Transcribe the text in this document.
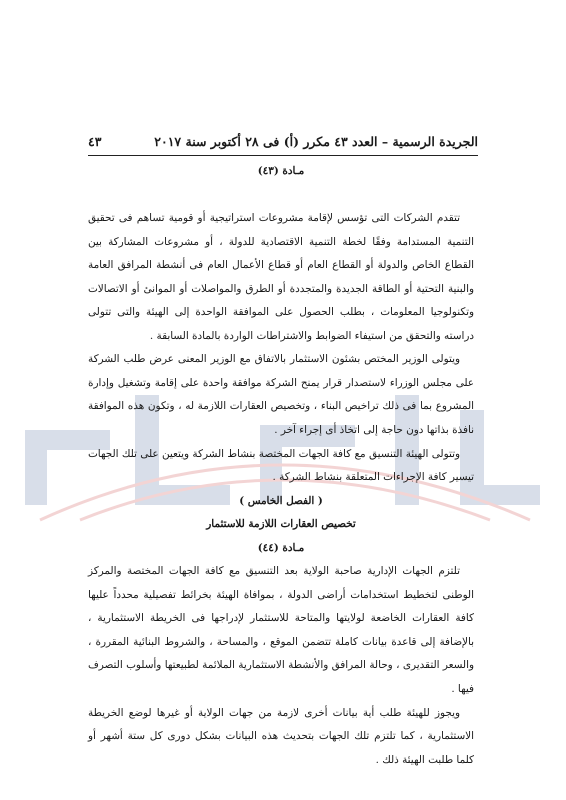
الجريدة الرسمية – العدد ٤٣ مكرر (أ) فى ٢٨ أكتوبر سنة ٢٠١٧
٤٣
مـادة (٤٣)
تتقدم الشركات التى تؤسس لإقامة مشروعات استراتيجية أو قومية تساهم فى تحقيق التنمية المستدامة وفقًا لخطة التنمية الاقتصادية للدولة ، أو مشروعات المشاركة بين القطاع الخاص والدولة أو القطاع العام أو قطاع الأعمال العام فى أنشطة المرافق العامة والبنية التحتية أو الطاقة الجديدة والمتجددة أو الطرق والمواصلات أو الموانئ أو الاتصالات وتكنولوجيا المعلومات ، بطلب الحصول على الموافقة الواحدة إلى الهيئة والتى تتولى دراسته والتحقق من استيفاء الضوابط والاشتراطات الواردة بالمادة السابقة .
ويتولى الوزير المختص بشئون الاستثمار بالاتفاق مع الوزير المعنى عرض طلب الشركة على مجلس الوزراء لاستصدار قرار يمنح الشركة موافقة واحدة على إقامة وتشغيل وإدارة المشروع بما فى ذلك تراخيص البناء ، وتخصيص العقارات اللازمة له ، وتكون هذه الموافقة نافذة بذاتها دون حاجة إلى اتخاذ أى إجراء آخر .
وتتولى الهيئة التنسيق مع كافة الجهات المختصة بنشاط الشركة ويتعين على تلك الجهات تيسير كافة الإجراءات المتعلقة بنشاط الشركة .
( الفصل الخامس )
تخصيص العقارات اللازمة للاستثمار
مـادة (٤٤)
تلتزم الجهات الإدارية صاحبة الولاية بعد التنسيق مع كافة الجهات المختصة والمركز الوطنى لتخطيط استخدامات أراضى الدولة ، بموافاة الهيئة بخرائط تفصيلية محدداً عليها كافة العقارات الخاضعة لولايتها والمتاحة للاستثمار لإدراجها فى الخريطة الاستثمارية ، بالإضافة إلى قاعدة بيانات كاملة تتضمن الموقع ، والمساحة ، والشروط البنائية المقررة ، والسعر التقديرى ، وحالة المرافق والأنشطة الاستثمارية الملائمة لطبيعتها وأسلوب التصرف فيها .
ويجوز للهيئة طلب أية بيانات أخرى لازمة من جهات الولاية أو غيرها لوضع الخريطة الاستثمارية ، كما تلتزم تلك الجهات بتحديث هذه البيانات بشكل دورى كل ستة أشهر أو كلما طلبت الهيئة ذلك .
